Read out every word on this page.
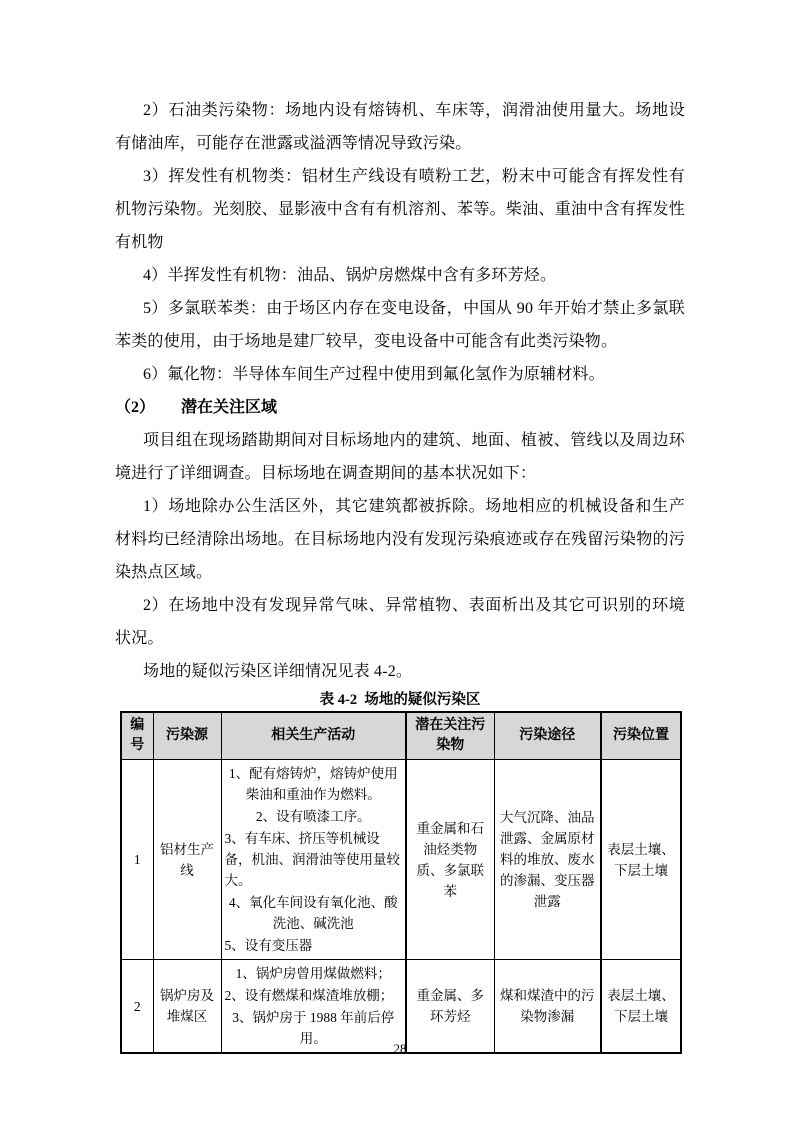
2）石油类污染物：场地内设有熔铸机、车床等，润滑油使用量大。场地设有储油库，可能存在泄露或溢洒等情况导致污染。

3）挥发性有机物类：铝材生产线设有喷粉工艺，粉末中可能含有挥发性有机物污染物。光刻胶、显影液中含有有机溶剂、苯等。柴油、重油中含有挥发性有机物

4）半挥发性有机物：油品、锅炉房燃煤中含有多环芳烃。

5）多氯联苯类：由于场区内存在变电设备，中国从 90 年开始才禁止多氯联苯类的使用，由于场地是建厂较早，变电设备中可能含有此类污染物。

6）氟化物：半导体车间生产过程中使用到氟化氢作为原辅材料。

（2） 潜在关注区域

项目组在现场踏勘期间对目标场地内的建筑、地面、植被、管线以及周边环境进行了详细调查。目标场地在调查期间的基本状况如下：

1）场地除办公生活区外，其它建筑都被拆除。场地相应的机械设备和生产材料均已经清除出场地。在目标场地内没有发现污染痕迹或存在残留污染物的污染热点区域。

2）在场地中没有发现异常气味、异常植物、表面析出及其它可识别的环境状况。

场地的疑似污染区详细情况见表 4-2。

表 4-2 场地的疑似污染区
编号	污染源	相关生产活动	潜在关注污染物	污染途径	污染位置
1	铝材生产线	1、配有熔铸炉，熔铸炉使用柴油和重油作为燃料。
2、设有喷漆工序。
3、有车床、挤压等机械设备，机油、润滑油等使用量较大。
4、氧化车间设有氧化池、酸洗池、碱洗池
5、设有变压器	重金属和石油烃类物质、多氯联苯	大气沉降、油品泄露、金属原材料的堆放、废水的渗漏、变压器泄露	表层土壤、下层土壤
2	锅炉房及堆煤区	1、锅炉房曾用煤做燃料；
2、设有燃煤和煤渣堆放棚；
3、锅炉房于 1988 年前后停用。	重金属、多环芳烃	煤和煤渣中的污染物渗漏	表层土壤、下层土壤
28
